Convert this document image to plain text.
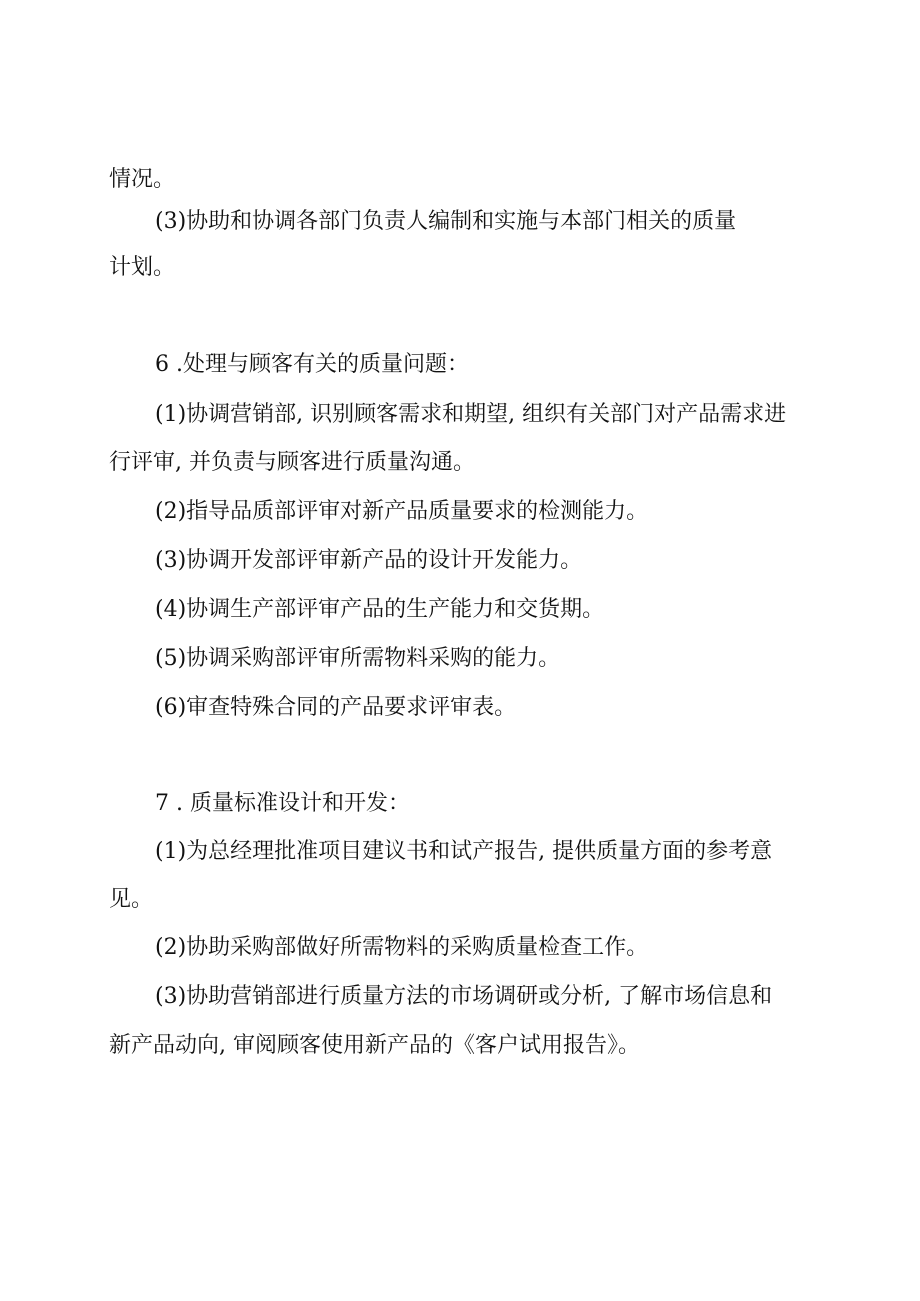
情况。
(3)协助和协调各部门负责人编制和实施与本部门相关的质量
计划。
6 .处理与顾客有关的质量问题：
(1)协调营销部, 识别顾客需求和期望, 组织有关部门对产品需求进
行评审, 并负责与顾客进行质量沟通。
(2)指导品质部评审对新产品质量要求的检测能力。
(3)协调开发部评审新产品的设计开发能力。
(4)协调生产部评审产品的生产能力和交货期。
(5)协调采购部评审所需物料采购的能力。
(6)审查特殊合同的产品要求评审表。
7 . 质量标准设计和开发：
(1)为总经理批准项目建议书和试产报告, 提供质量方面的参考意
见。
(2)协助采购部做好所需物料的采购质量检查工作。
(3)协助营销部进行质量方法的市场调研或分析, 了解市场信息和
新产品动向, 审阅顾客使用新产品的《客户试用报告》。
